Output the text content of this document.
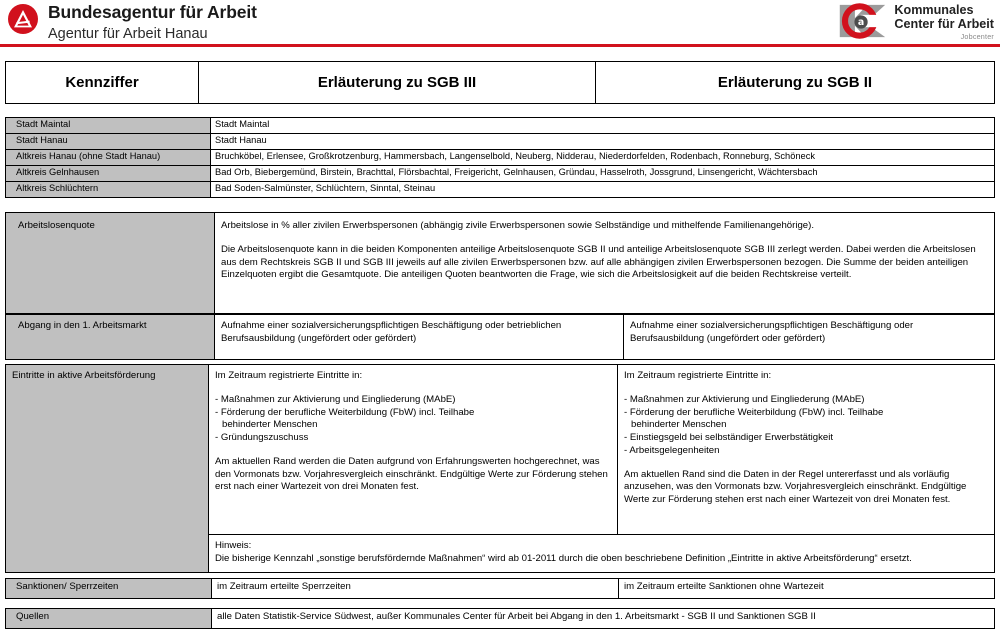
Bundesagentur für Arbeit
Agentur für Arbeit Hanau
a
Kommunales
Center für Arbeit
Jobcenter
Kennziffer	Erläuterung zu SGB III	Erläuterung zu SGB II
Stadt Maintal	Stadt Maintal
Stadt Hanau	Stadt Hanau
Altkreis Hanau (ohne Stadt Hanau)	Bruchköbel, Erlensee, Großkrotzenburg, Hammersbach, Langenselbold, Neuberg, Nidderau, Niederdorfelden, Rodenbach, Ronneburg, Schöneck
Altkreis Gelnhausen	Bad Orb, Biebergemünd, Birstein, Brachttal, Flörsbachtal, Freigericht, Gelnhausen, Gründau, Hasselroth, Jossgrund, Linsengericht, Wächtersbach
Altkreis Schlüchtern	Bad Soden-Salmünster, Schlüchtern, Sinntal, Steinau
Arbeitslosenquote	Arbeitslose in % aller zivilen Erwerbspersonen (abhängig zivile Erwerbspersonen sowie Selbständige und mithelfende Familienangehörige).

Die Arbeitslosenquote kann in die beiden Komponenten anteilige Arbeitslosenquote SGB II und anteilige Arbeitslosenquote SGB III zerlegt werden. Dabei werden die Arbeitslosen aus dem Rechtskreis SGB II und SGB III jeweils auf alle zivilen Erwerbspersonen bzw. auf alle abhängigen zivilen Erwerbspersonen bezogen. Die Summe der beiden anteiligen Einzelquoten ergibt die Gesamtquote. Die anteiligen Quoten beantworten die Frage, wie sich die Arbeitslosigkeit auf die beiden Rechtskreise verteilt.

Abgang in den 1. Arbeitsmarkt	Aufnahme einer sozialversicherungspflichtigen Beschäftigung oder betrieblichen Berufsausbildung (ungefördert oder gefördert)	Aufnahme einer sozialversicherungspflichtigen Beschäftigung oder Berufsausbildung (ungefördert oder gefördert)
Eintritte in aktive Arbeitsförderung	Im Zeitraum registrierte Eintritte in:
- Maßnahmen zur Aktivierung und Eingliederung (MAbE)
- Förderung der berufliche Weiterbildung (FbW) incl. Teilhabe
behinderter Menschen
- Gründungszuschuss
Am aktuellen Rand werden die Daten aufgrund von Erfahrungswerten hochgerechnet, was den Vormonats bzw. Vorjahresvergleich einschränkt. Endgültige Werte zur Förderung stehen erst nach einer Wartezeit von drei Monaten fest.
	Im Zeitraum registrierte Eintritte in:
- Maßnahmen zur Aktivierung und Eingliederung (MAbE)
- Förderung der berufliche Weiterbildung (FbW) incl. Teilhabe
behinderter Menschen
- Einstiegsgeld bei selbständiger Erwerbstätigkeit
- Arbeitsgelegenheiten
Am aktuellen Rand sind die Daten in der Regel untererfasst und als vorläufig anzusehen, was den Vormonats bzw. Vorjahresvergleich einschränkt. Endgültige Werte zur Förderung stehen erst nach einer Wartezeit von drei Monaten fest.

Hinweis:
Die bisherige Kennzahl „sonstige berufsfördernde Maßnahmen“ wird ab 01-2011 durch die oben beschriebene Definition „Eintritte in aktive Arbeitsförderung“ ersetzt.
Sanktionen/ Sperrzeiten	im Zeitraum erteilte Sperrzeiten	im Zeitraum erteilte Sanktionen ohne Wartezeit
Quellen	alle Daten Statistik-Service Südwest, außer Kommunales Center für Arbeit bei Abgang in den 1. Arbeitsmarkt - SGB II und Sanktionen SGB II
